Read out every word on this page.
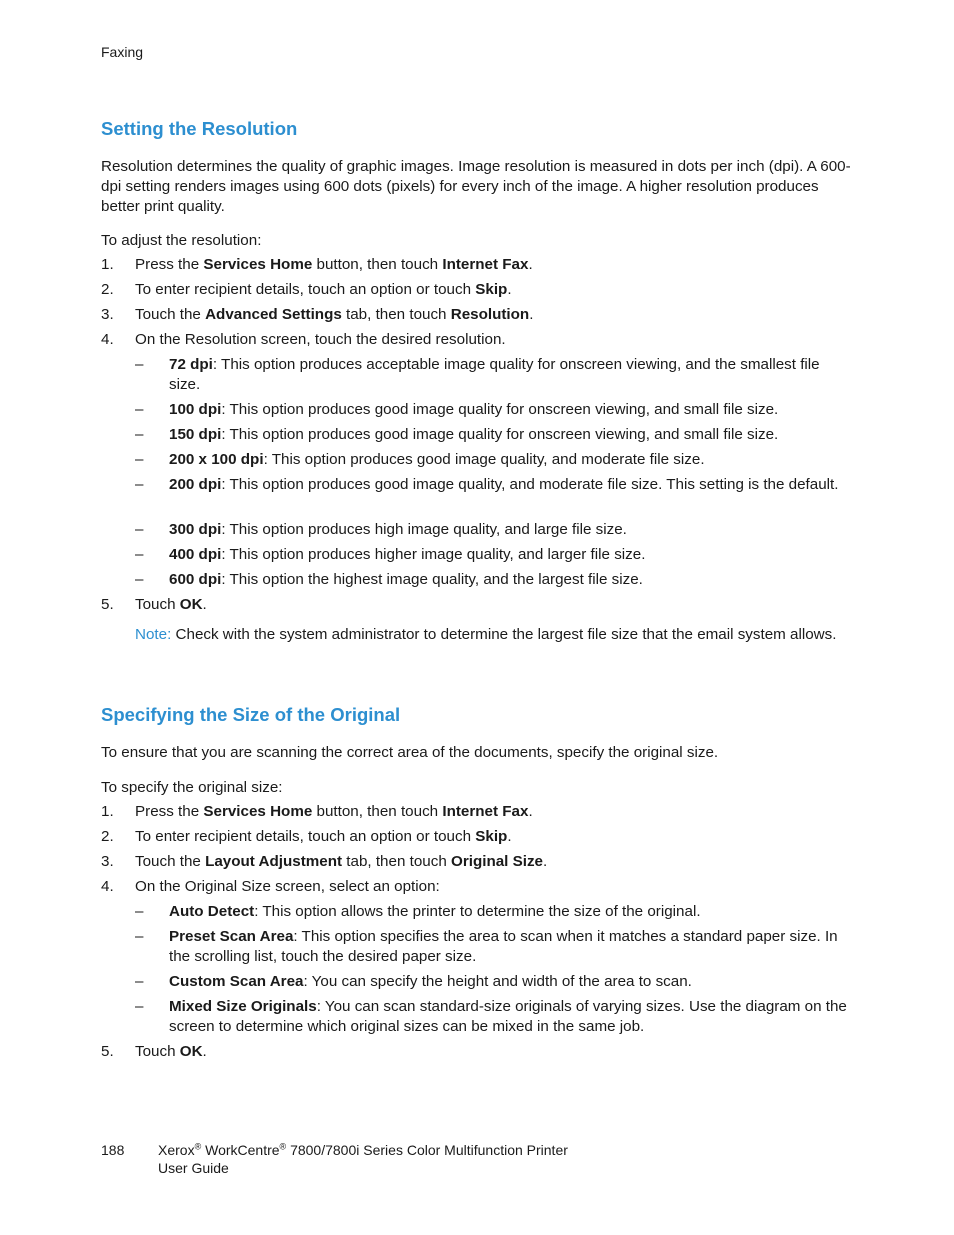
Faxing
Setting the Resolution

Resolution determines the quality of graphic images. Image resolution is measured in dots per inch (dpi). A 600-dpi setting renders images using 600 dots (pixels) for every inch of the image. A higher resolution produces better print quality.

To adjust the resolution:

1. Press the Services Home button, then touch Internet Fax.
2. To enter recipient details, touch an option or touch Skip.
3. Touch the Advanced Settings tab, then touch Resolution.
4. On the Resolution screen, touch the desired resolution.
– 72 dpi: This option produces acceptable image quality for onscreen viewing, and the smallest file size.
– 100 dpi: This option produces good image quality for onscreen viewing, and small file size.
– 150 dpi: This option produces good image quality for onscreen viewing, and small file size.
– 200 x 100 dpi: This option produces good image quality, and moderate file size.
– 200 dpi: This option produces good image quality, and moderate file size. This setting is the default.
– 300 dpi: This option produces high image quality, and large file size.
– 400 dpi: This option produces higher image quality, and larger file size.
– 600 dpi: This option the highest image quality, and the largest file size.
5. Touch OK.
Note: Check with the system administrator to determine the largest file size that the email system allows.
Specifying the Size of the Original

To ensure that you are scanning the correct area of the documents, specify the original size.

To specify the original size:

1. Press the Services Home button, then touch Internet Fax.
2. To enter recipient details, touch an option or touch Skip.
3. Touch the Layout Adjustment tab, then touch Original Size.
4. On the Original Size screen, select an option:
– Auto Detect: This option allows the printer to determine the size of the original.
– Preset Scan Area: This option specifies the area to scan when it matches a standard paper size. In the scrolling list, touch the desired paper size.
– Custom Scan Area: You can specify the height and width of the area to scan.
– Mixed Size Originals: You can scan standard-size originals of varying sizes. Use the diagram on the screen to determine which original sizes can be mixed in the same job.
5. Touch OK.
188 Xerox® WorkCentre® 7800/7800i Series Color Multifunction Printer
User Guide
